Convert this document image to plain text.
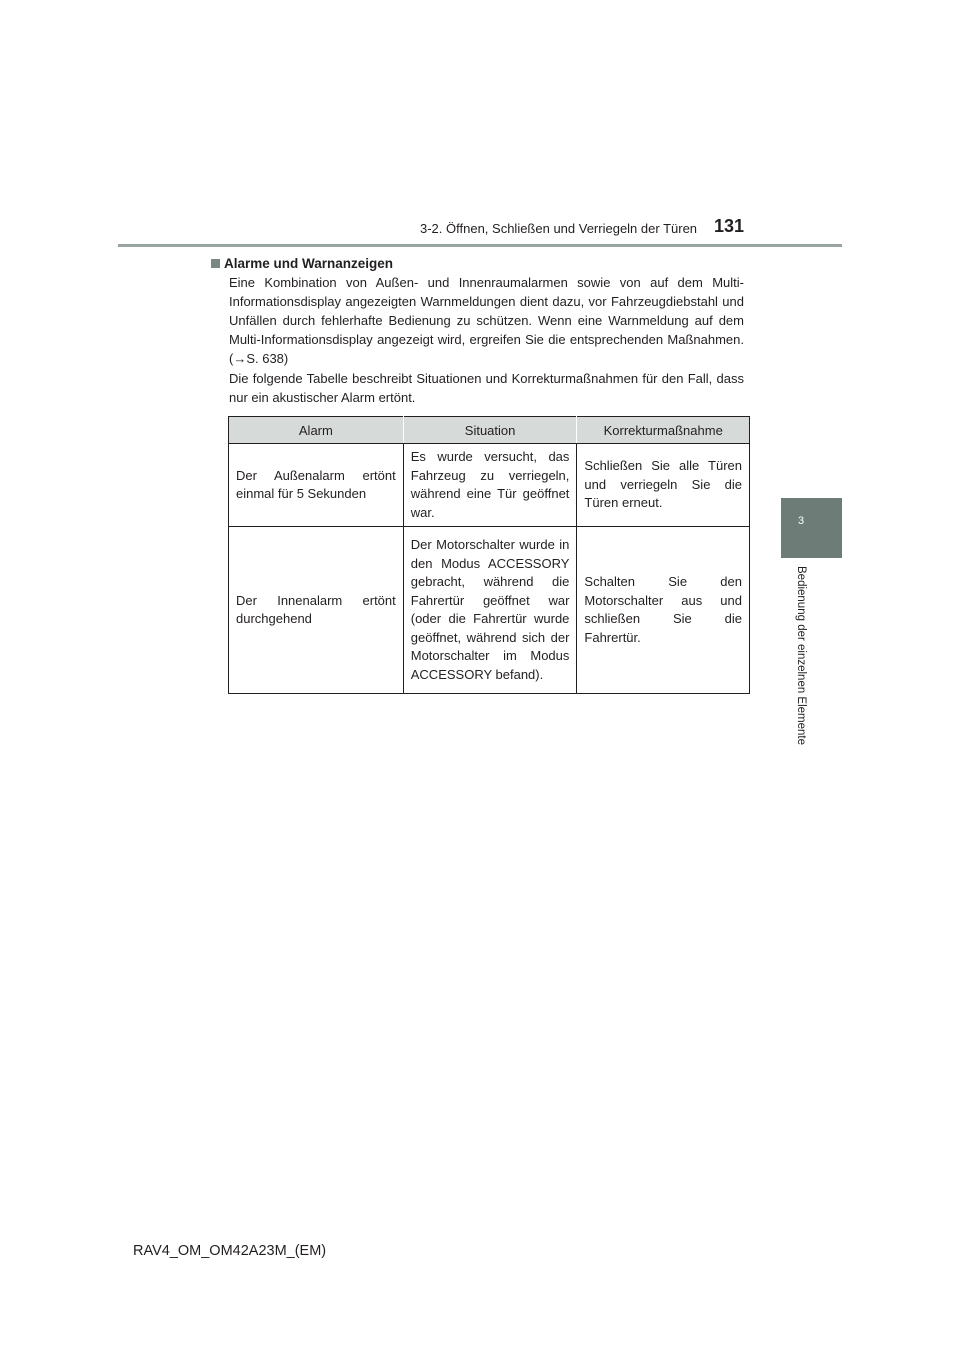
3-2. Öffnen, Schließen und Verriegeln der Türen 131
3
Bedienung der einzelnen Elemente
Alarme und Warnanzeigen

Eine Kombination von Außen- und Innenraumalarmen sowie von auf dem Multi-Informationsdisplay angezeigten Warnmeldungen dient dazu, vor Fahrzeugdiebstahl und Unfällen durch fehlerhafte Bedienung zu schützen. Wenn eine Warnmeldung auf dem Multi-Informationsdisplay angezeigt wird, ergreifen Sie die entsprechenden Maßnahmen. (→S. 638)

Die folgende Tabelle beschreibt Situationen und Korrekturmaßnahmen für den Fall, dass nur ein akustischer Alarm ertönt.

Alarm	Situation	Korrekturmaßnahme
Der Außenalarm ertönt einmal für 5 Sekunden	Es wurde versucht, das Fahrzeug zu verriegeln, während eine Tür geöffnet war.	Schließen Sie alle Türen und verriegeln Sie die Türen erneut.
Der Innenalarm ertönt durchgehend	Der Motorschalter wurde in den Modus ACCESSORY gebracht, während die Fahrertür geöffnet war (oder die Fahrertür wurde geöffnet, während sich der Motorschalter im Modus ACCESSORY befand).	Schalten Sie den Motorschalter aus und schließen Sie die Fahrertür.
RAV4_OM_OM42A23M_(EM)
